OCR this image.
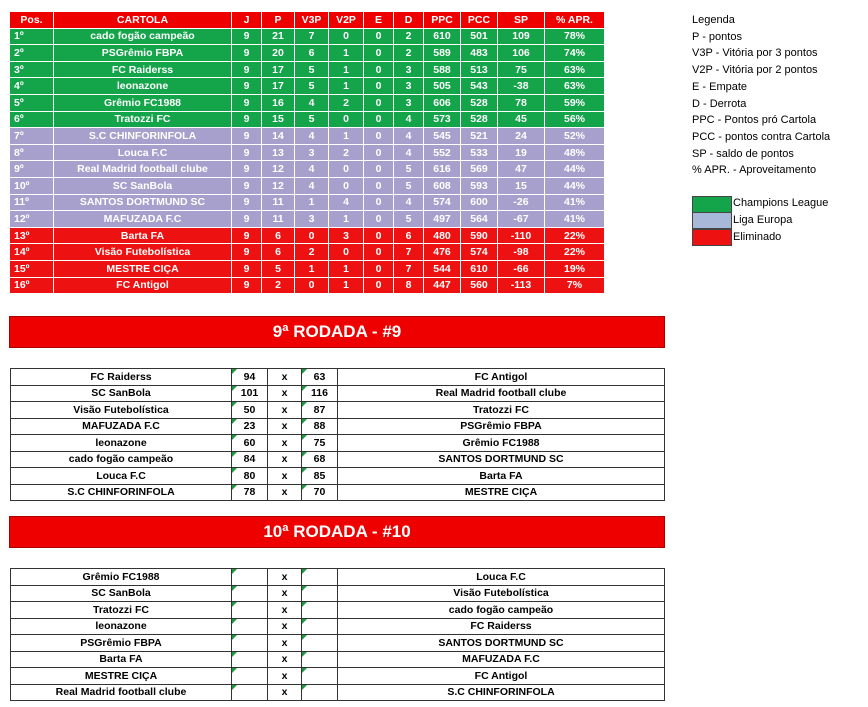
Pos.	CARTOLA	J	P	V3P	V2P	E	D	PPC	PCC	SP	% APR.
1º	cado fogão campeão	9	21	7	0	0	2	610	501	109	78%
2º	PSGrêmio FBPA	9	20	6	1	0	2	589	483	106	74%
3º	FC Raiderss	9	17	5	1	0	3	588	513	75	63%
4º	leonazone	9	17	5	1	0	3	505	543	-38	63%
5º	Grêmio FC1988	9	16	4	2	0	3	606	528	78	59%
6º	Tratozzi FC	9	15	5	0	0	4	573	528	45	56%
7º	S.C CHINFORINFOLA	9	14	4	1	0	4	545	521	24	52%
8º	Louca F.C	9	13	3	2	0	4	552	533	19	48%
9º	Real Madrid football clube	9	12	4	0	0	5	616	569	47	44%
10º	SC SanBola	9	12	4	0	0	5	608	593	15	44%
11º	SANTOS DORTMUND SC	9	11	1	4	0	4	574	600	-26	41%
12º	MAFUZADA F.C	9	11	3	1	0	5	497	564	-67	41%
13º	Barta FA	9	6	0	3	0	6	480	590	-110	22%
14º	Visão Futebolística	9	6	2	0	0	7	476	574	-98	22%
15º	MESTRE CIÇA	9	5	1	1	0	7	544	610	-66	19%
16º	FC Antigol	9	2	0	1	0	8	447	560	-113	7%
Legenda
P - pontos
V3P - Vitória por 3 pontos
V2P - Vitória por 2 pontos
E - Empate
D - Derrota
PPC - Pontos pró Cartola
PCC - pontos contra Cartola
SP - saldo de pontos
% APR. - Aproveitamento
Champions League
Liga Europa
Eliminado
9ª RODADA - #9
FC Raiderss	94	x	63	FC Antigol
SC SanBola	101	x	116	Real Madrid football clube
Visão Futebolística	50	x	87	Tratozzi FC
MAFUZADA F.C	23	x	88	PSGrêmio FBPA
leonazone	60	x	75	Grêmio FC1988
cado fogão campeão	84	x	68	SANTOS DORTMUND SC
Louca F.C	80	x	85	Barta FA
S.C CHINFORINFOLA	78	x	70	MESTRE CIÇA
10ª RODADA - #10
Grêmio FC1988		x		Louca F.C
SC SanBola		x		Visão Futebolística
Tratozzi FC		x		cado fogão campeão
leonazone		x		FC Raiderss
PSGrêmio FBPA		x		SANTOS DORTMUND SC
Barta FA		x		MAFUZADA F.C
MESTRE CIÇA		x		FC Antigol
Real Madrid football clube		x		S.C CHINFORINFOLA
